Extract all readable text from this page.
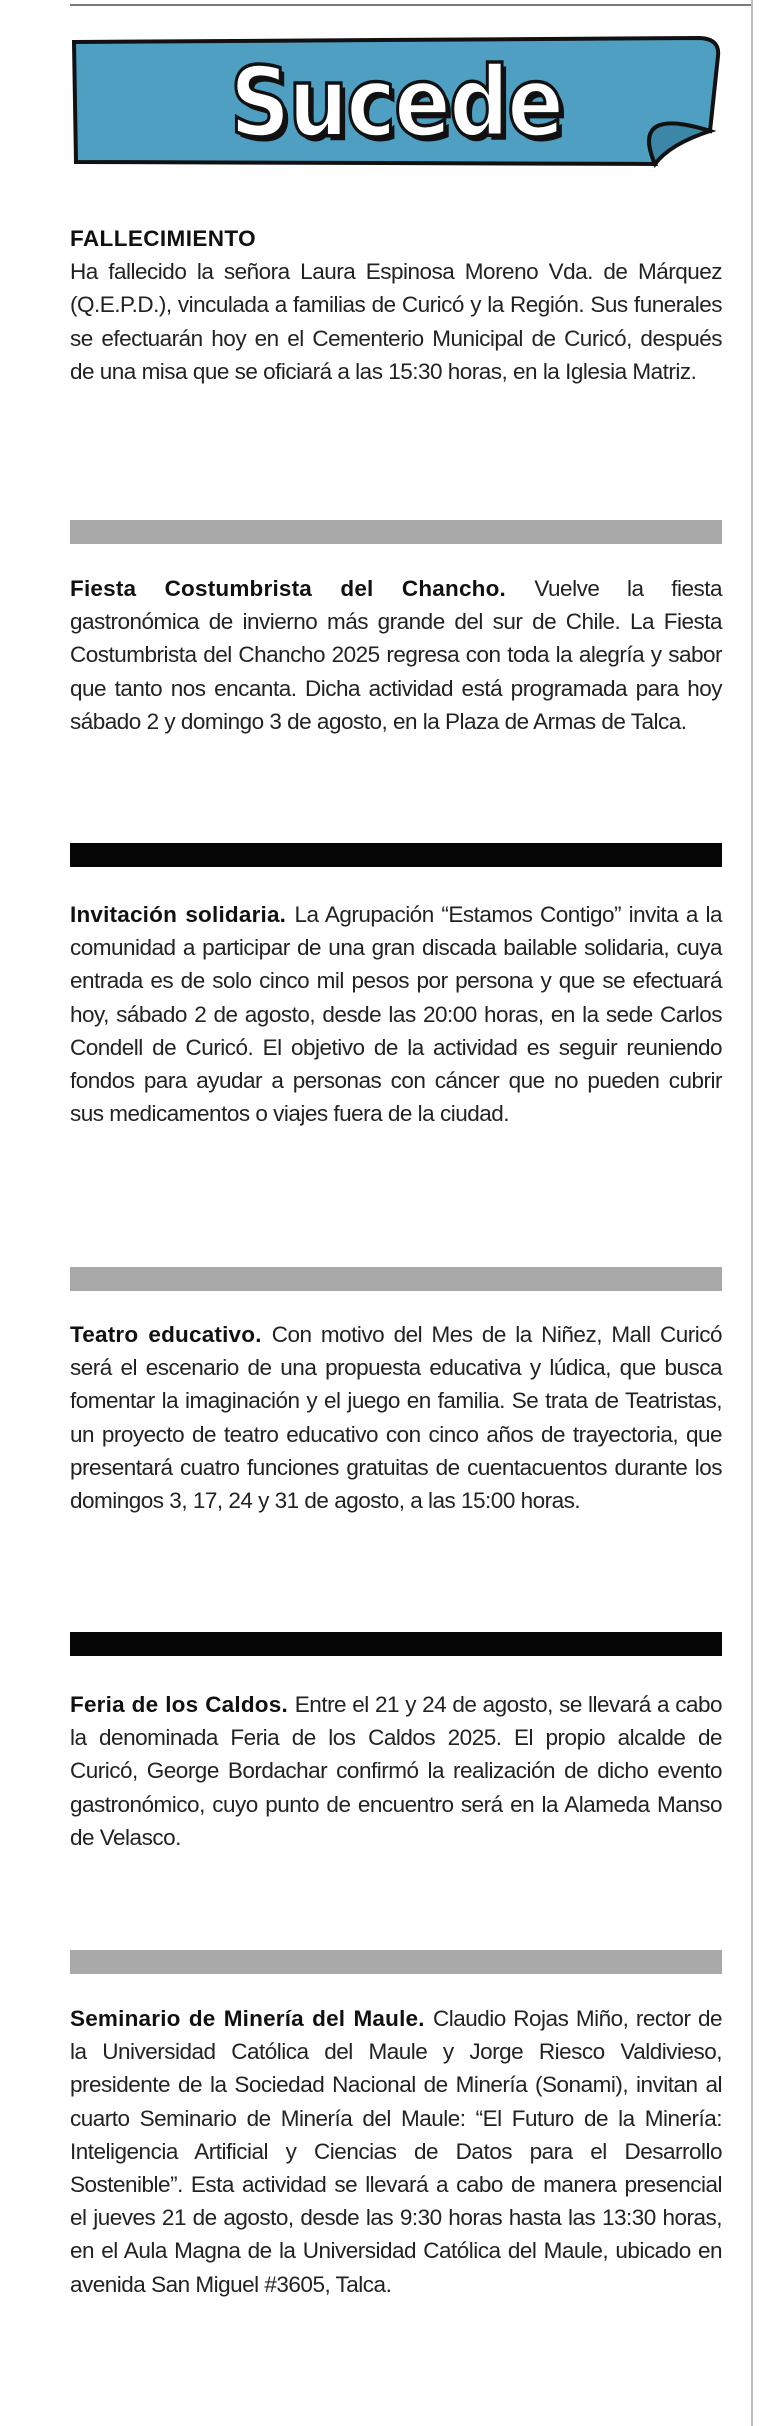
Sucede
FALLECIMIENTO
Ha fallecido la señora Laura Espinosa Moreno Vda. de Márquez (Q.E.P.D.), vinculada a familias de Curicó y la Región. Sus funerales se efectuarán hoy en el Cementerio Municipal de Curicó, después de una misa que se oficiará a las 15:30 horas, en la Iglesia Matriz.
Fiesta Costumbrista del Chancho. Vuelve la fiesta gastronómica de invierno más grande del sur de Chile. La Fiesta Costumbrista del Chancho 2025 regresa con toda la alegría y sabor que tanto nos encanta. Dicha actividad está programada para hoy sábado 2 y domingo 3 de agosto, en la Plaza de Armas de Talca.
Invitación solidaria. La Agrupación “Estamos Contigo” invita a la comunidad a participar de una gran discada bailable solidaria, cuya entrada es de solo cinco mil pesos por persona y que se efectuará hoy, sábado 2 de agosto, desde las 20:00 horas, en la sede Carlos Condell de Curicó. El objetivo de la actividad es seguir reuniendo fondos para ayudar a personas con cáncer que no pueden cubrir sus medicamentos o viajes fuera de la ciudad.
Teatro educativo. Con motivo del Mes de la Niñez, Mall Curicó será el escenario de una propuesta educativa y lúdica, que busca fomentar la imaginación y el juego en familia. Se trata de Teatristas, un proyecto de teatro educativo con cinco años de trayectoria, que presentará cuatro funciones gratuitas de cuentacuentos durante los domingos 3, 17, 24 y 31 de agosto, a las 15:00 horas.
Feria de los Caldos. Entre el 21 y 24 de agosto, se llevará a cabo la denominada Feria de los Caldos 2025. El propio alcalde de Curicó, George Bordachar confirmó la realización de dicho evento gastronómico, cuyo punto de encuentro será en la Alameda Manso de Velasco.
Seminario de Minería del Maule. Claudio Rojas Miño, rector de la Universidad Católica del Maule y Jorge Riesco Valdivieso, presidente de la Sociedad Nacional de Minería (Sonami), invitan al cuarto Seminario de Minería del Maule: “El Futuro de la Minería: Inteligencia Artificial y Ciencias de Datos para el Desarrollo Sostenible”. Esta actividad se llevará a cabo de manera presencial el jueves 21 de agosto, desde las 9:30 horas hasta las 13:30 horas, en el Aula Magna de la Universidad Católica del Maule, ubicado en avenida San Miguel #3605, Talca.
